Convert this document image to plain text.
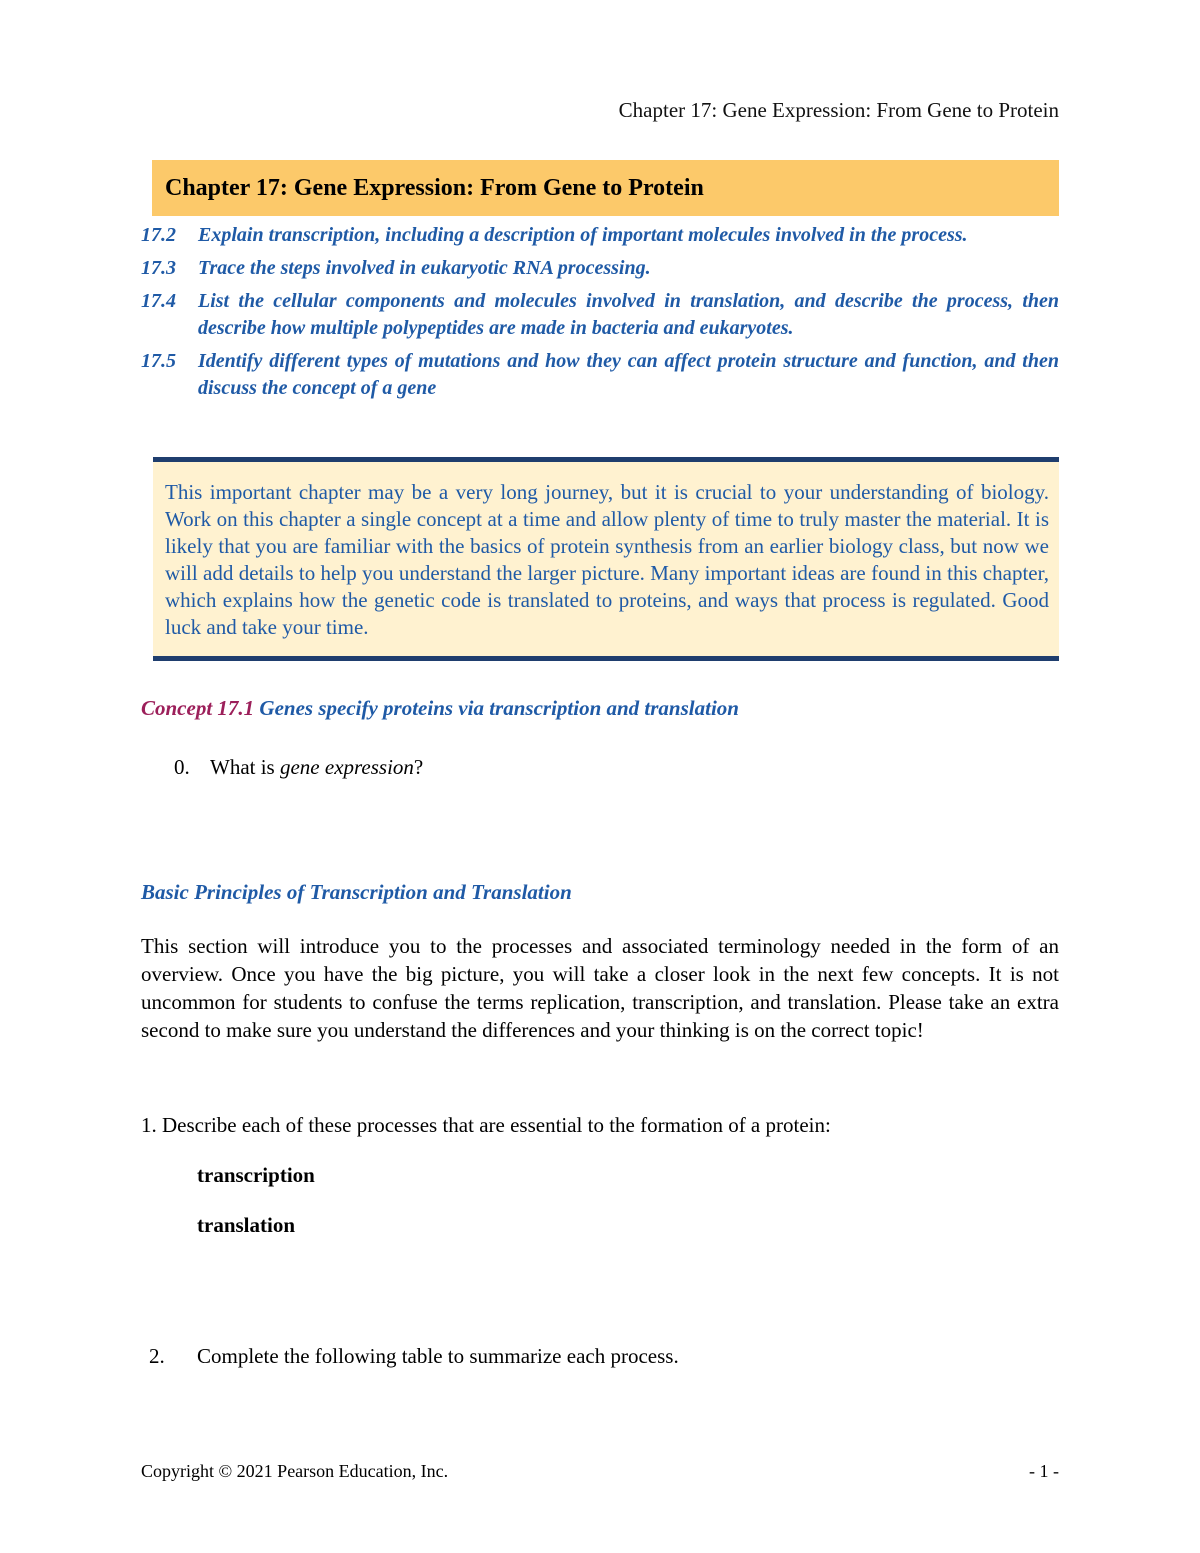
Chapter 17: Gene Expression: From Gene to Protein
Chapter 17: Gene Expression: From Gene to Protein
17.2	Explain transcription, including a description of important molecules involved in the process.
17.3	Trace the steps involved in eukaryotic RNA processing.
17.4	List the cellular components and molecules involved in translation, and describe the process, then describe how multiple polypeptides are made in bacteria and eukaryotes.
17.5	Identify different types of mutations and how they can affect protein structure and function, and then discuss the concept of a gene

This important chapter may be a very long journey, but it is crucial to your understanding of biology. Work on this chapter a single concept at a time and allow plenty of time to truly master the material. It is likely that you are familiar with the basics of protein synthesis from an earlier biology class, but now we will add details to help you understand the larger picture. Many important ideas are found in this chapter, which explains how the genetic code is translated to proteins, and ways that process is regulated. Good luck and take your time.

Concept 17.1 Genes specify proteins via transcription and translation
0. What is gene expression?
Basic Principles of Transcription and Translation

This section will introduce you to the processes and associated terminology needed in the form of an overview. Once you have the big picture, you will take a closer look in the next few concepts. It is not uncommon for students to confuse the terms replication, transcription, and translation. Please take an extra second to make sure you understand the differences and your thinking is on the correct topic!

1. Describe each of these processes that are essential to the formation of a protein:
transcription
translation
2.	Complete the following table to summarize each process.
Copyright © 2021 Pearson Education, Inc.	- 1 -
